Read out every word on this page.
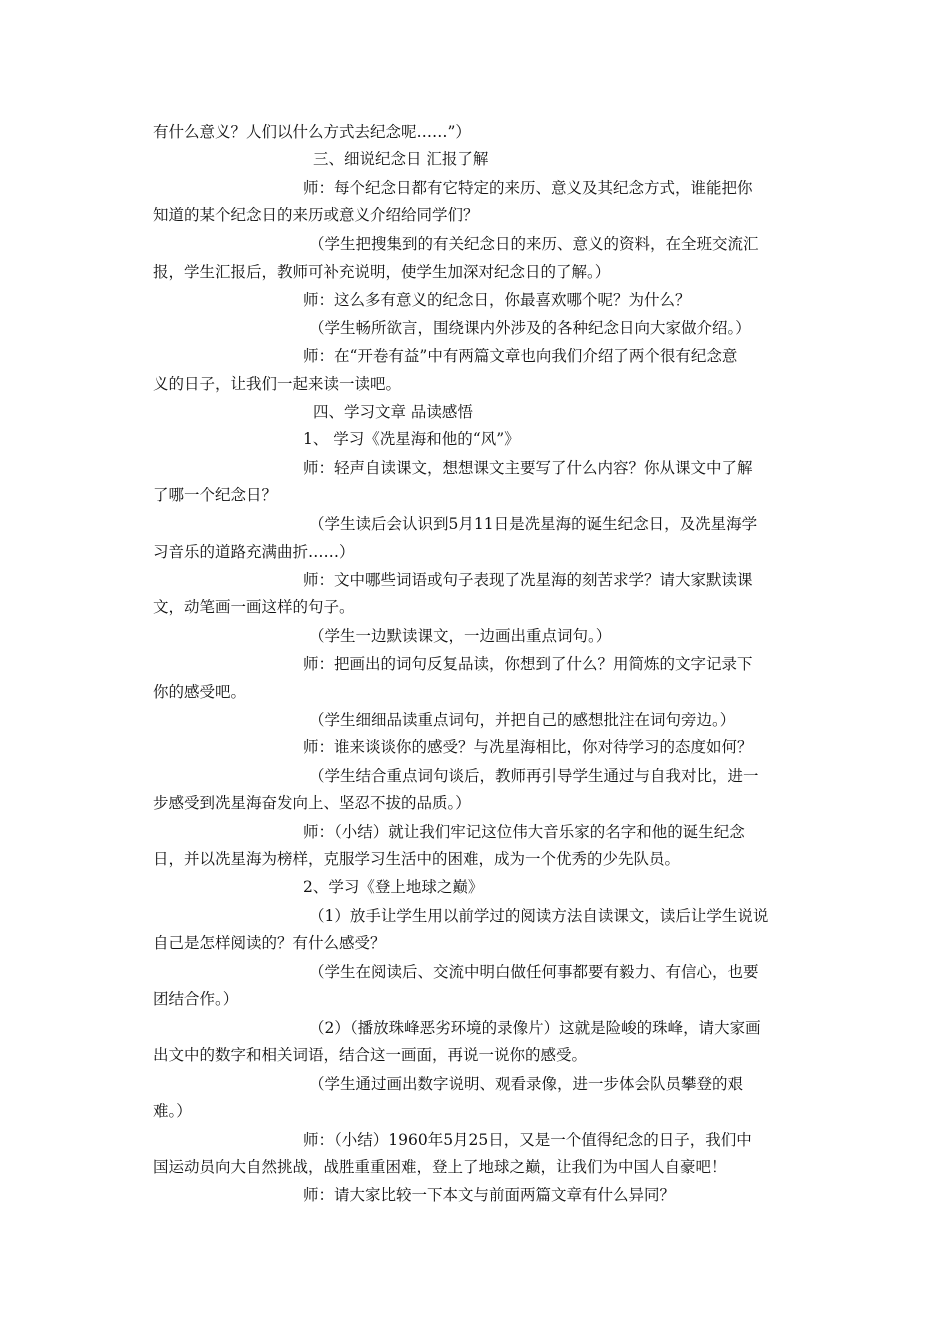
有什么意义？人们以什么方式去纪念呢……”）
三、细说纪念日 汇报了解
师：每个纪念日都有它特定的来历、意义及其纪念方式，谁能把你
知道的某个纪念日的来历或意义介绍给同学们？
（学生把搜集到的有关纪念日的来历、意义的资料，在全班交流汇
报，学生汇报后，教师可补充说明，使学生加深对纪念日的了解。）
师：这么多有意义的纪念日，你最喜欢哪个呢？为什么？
（学生畅所欲言，围绕课内外涉及的各种纪念日向大家做介绍。）
师：在“开卷有益”中有两篇文章也向我们介绍了两个很有纪念意
义的日子，让我们一起来读一读吧。
四、学习文章 品读感悟
1、 学习《冼星海和他的“风”》
师：轻声自读课文，想想课文主要写了什么内容？你从课文中了解
了哪一个纪念日？
（学生读后会认识到5月11日是冼星海的诞生纪念日，及冼星海学
习音乐的道路充满曲折……）
师：文中哪些词语或句子表现了冼星海的刻苦求学？请大家默读课
文，动笔画一画这样的句子。
（学生一边默读课文，一边画出重点词句。）
师：把画出的词句反复品读，你想到了什么？用简炼的文字记录下
你的感受吧。
（学生细细品读重点词句，并把自己的感想批注在词句旁边。）
师：谁来谈谈你的感受？与冼星海相比，你对待学习的态度如何？
（学生结合重点词句谈后，教师再引导学生通过与自我对比，进一
步感受到冼星海奋发向上、坚忍不拔的品质。）
师：（小结）就让我们牢记这位伟大音乐家的名字和他的诞生纪念
日，并以冼星海为榜样，克服学习生活中的困难，成为一个优秀的少先队员。
2、学习《登上地球之巅》
（1）放手让学生用以前学过的阅读方法自读课文，读后让学生说说
自己是怎样阅读的？有什么感受？
（学生在阅读后、交流中明白做任何事都要有毅力、有信心，也要
团结合作。）
（2）（播放珠峰恶劣环境的录像片）这就是险峻的珠峰，请大家画
出文中的数字和相关词语，结合这一画面，再说一说你的感受。
（学生通过画出数字说明、观看录像，进一步体会队员攀登的艰
难。）
师：（小结）1960年5月25日，又是一个值得纪念的日子，我们中
国运动员向大自然挑战，战胜重重困难，登上了地球之巅，让我们为中国人自豪吧！
师：请大家比较一下本文与前面两篇文章有什么异同？
